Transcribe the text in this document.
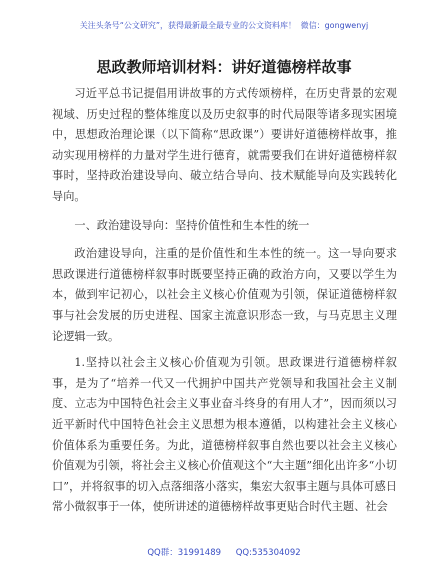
关注头条号“公文研究”，获得最新最全最专业的公文资料库！ 微信：gongwenyj
思政教师培训材料：讲好道德榜样故事

习近平总书记提倡用讲故事的方式传颂榜样，在历史背景的宏观视域、历史过程的整体维度以及历史叙事的时代局限等诸多现实困境中，思想政治理论课（以下简称“思政课”）要讲好道德榜样故事，推动实现用榜样的力量对学生进行德育，就需要我们在讲好道德榜样叙事时，坚持政治建设导向、破立结合导向、技术赋能导向及实践转化导向。

一、政治建设导向：坚持价值性和生本性的统一

政治建设导向，注重的是价值性和生本性的统一。这一导向要求思政课进行道德榜样叙事时既要坚持正确的政治方向，又要以学生为本，做到牢记初心，以社会主义核心价值观为引领，保证道德榜样叙事与社会发展的历史进程、国家主流意识形态一致，与马克思主义理论逻辑一致。

1.坚持以社会主义核心价值观为引领。思政课进行道德榜样叙事，是为了“培养一代又一代拥护中国共产党领导和我国社会主义制度、立志为中国特色社会主义事业奋斗终身的有用人才”，因而须以习近平新时代中国特色社会主义思想为根本遵循，以构建社会主义核心价值体系为重要任务。为此，道德榜样叙事自然也要以社会主义核心价值观为引领，将社会主义核心价值观这个“大主题”细化出许多“小切口”，并将叙事的切入点落细落小落实，集宏大叙事主题与具体可感日常小微叙事于一体，使所讲述的道德榜样故事更贴合时代主题、社会

QQ群：31991489 QQ:535304092
